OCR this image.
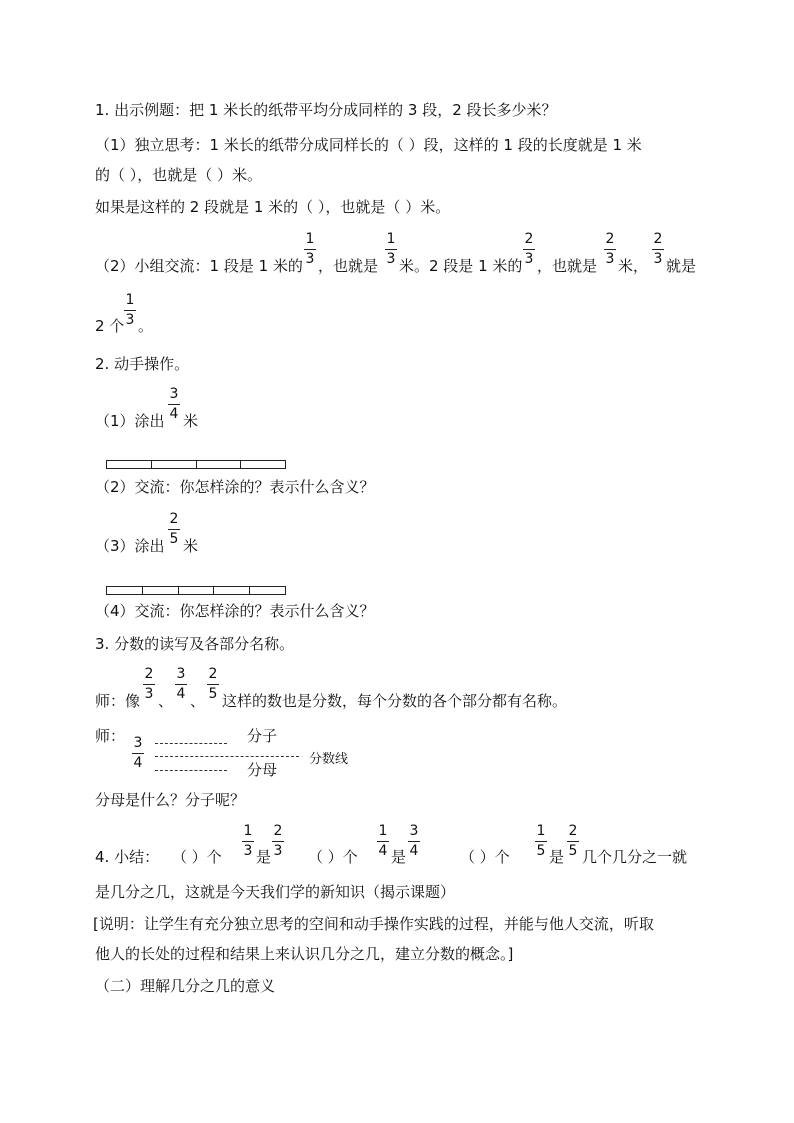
1. 出示例题：把 1 米长的纸带平均分成同样的 3 段，2 段长多少米？
（1）独立思考：1 米长的纸带分成同样长的（ ）段，这样的 1 段的长度就是 1 米
的（ ），也就是（ ）米。
如果是这样的 2 段就是 1 米的（ ），也就是（ ）米。
（2）小组交流：1 段是 1 米的
1
3 ，也就是
1
3 米。2 段是 1 米的
2
3 ，也就是
2
3 米，
2
3 就是
2 个
1
3 。
2. 动手操作。
（1）涂出
3
4 米
（2）交流：你怎样涂的？表示什么含义？
（3）涂出
2
5 米
（4）交流：你怎样涂的？表示什么含义？
3. 分数的读写及各部分名称。
师：像
2
3 、
3
4 、
2
5 这样的数也是分数，每个分数的各个部分都有名称。
师： 3
4
分子
分数线
分母
分母是什么？分子呢？
4. 小结： （ ）个
1
3 是
2
3 （ ）个
1
4 是
3
4	（ ）个
1
5 是
2
5 几个几分之一就
是几分之几，这就是今天我们学的新知识（揭示课题）
[说明：让学生有充分独立思考的空间和动手操作实践的过程，并能与他人交流，听取
他人的长处的过程和结果上来认识几分之几，建立分数的概念。]
（二）理解几分之几的意义
